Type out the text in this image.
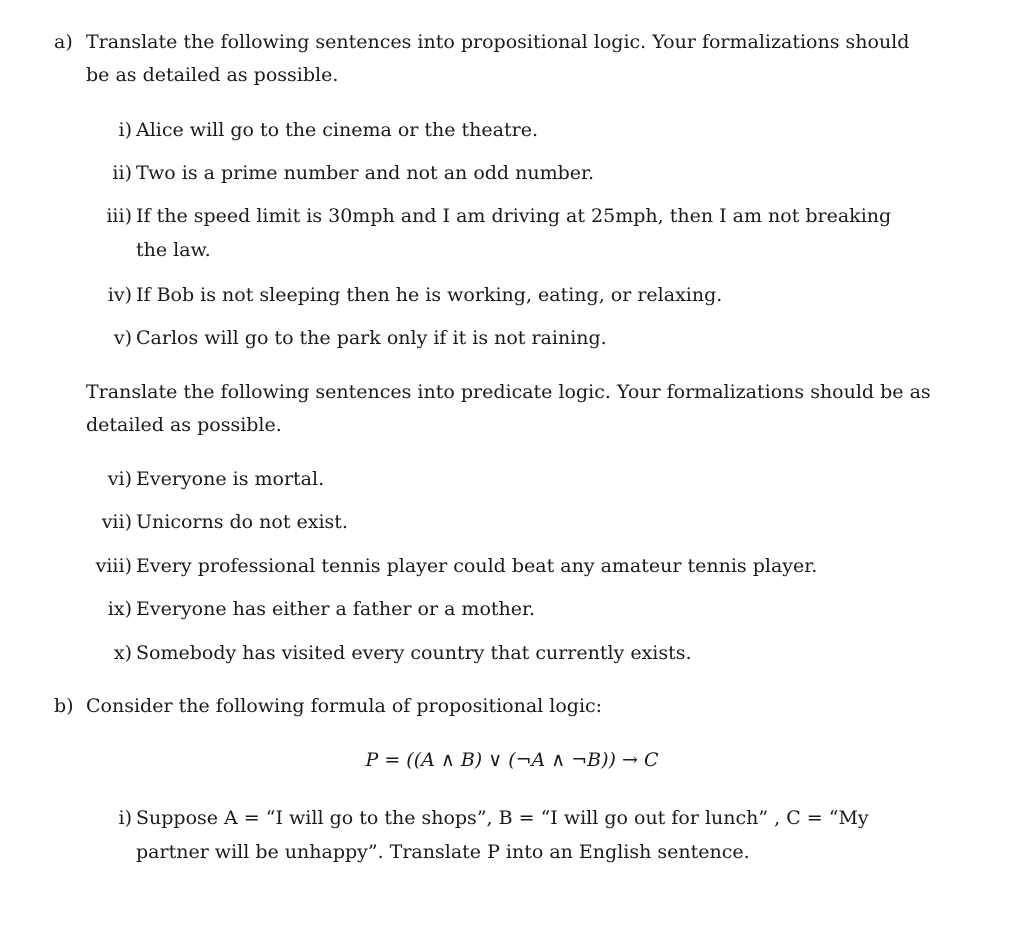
a) Translate the following sentences into propositional logic. Your formalizations should
be as detailed as possible.
i) Alice will go to the cinema or the theatre.
ii) Two is a prime number and not an odd number.
iii) If the speed limit is 30mph and I am driving at 25mph, then I am not breaking
the law.
iv) If Bob is not sleeping then he is working, eating, or relaxing.
v) Carlos will go to the park only if it is not raining.
Translate the following sentences into predicate logic. Your formalizations should be as
detailed as possible.
vi) Everyone is mortal.
vii) Unicorns do not exist.
viii) Every professional tennis player could beat any amateur tennis player.
ix) Everyone has either a father or a mother.
x) Somebody has visited every country that currently exists.
b) Consider the following formula of propositional logic:
P = ((A ∧ B) ∨ (¬A ∧ ¬B)) → C
i) Suppose A = “I will go to the shops”, B = “I will go out for lunch” , C = “My
partner will be unhappy”. Translate P into an English sentence.
